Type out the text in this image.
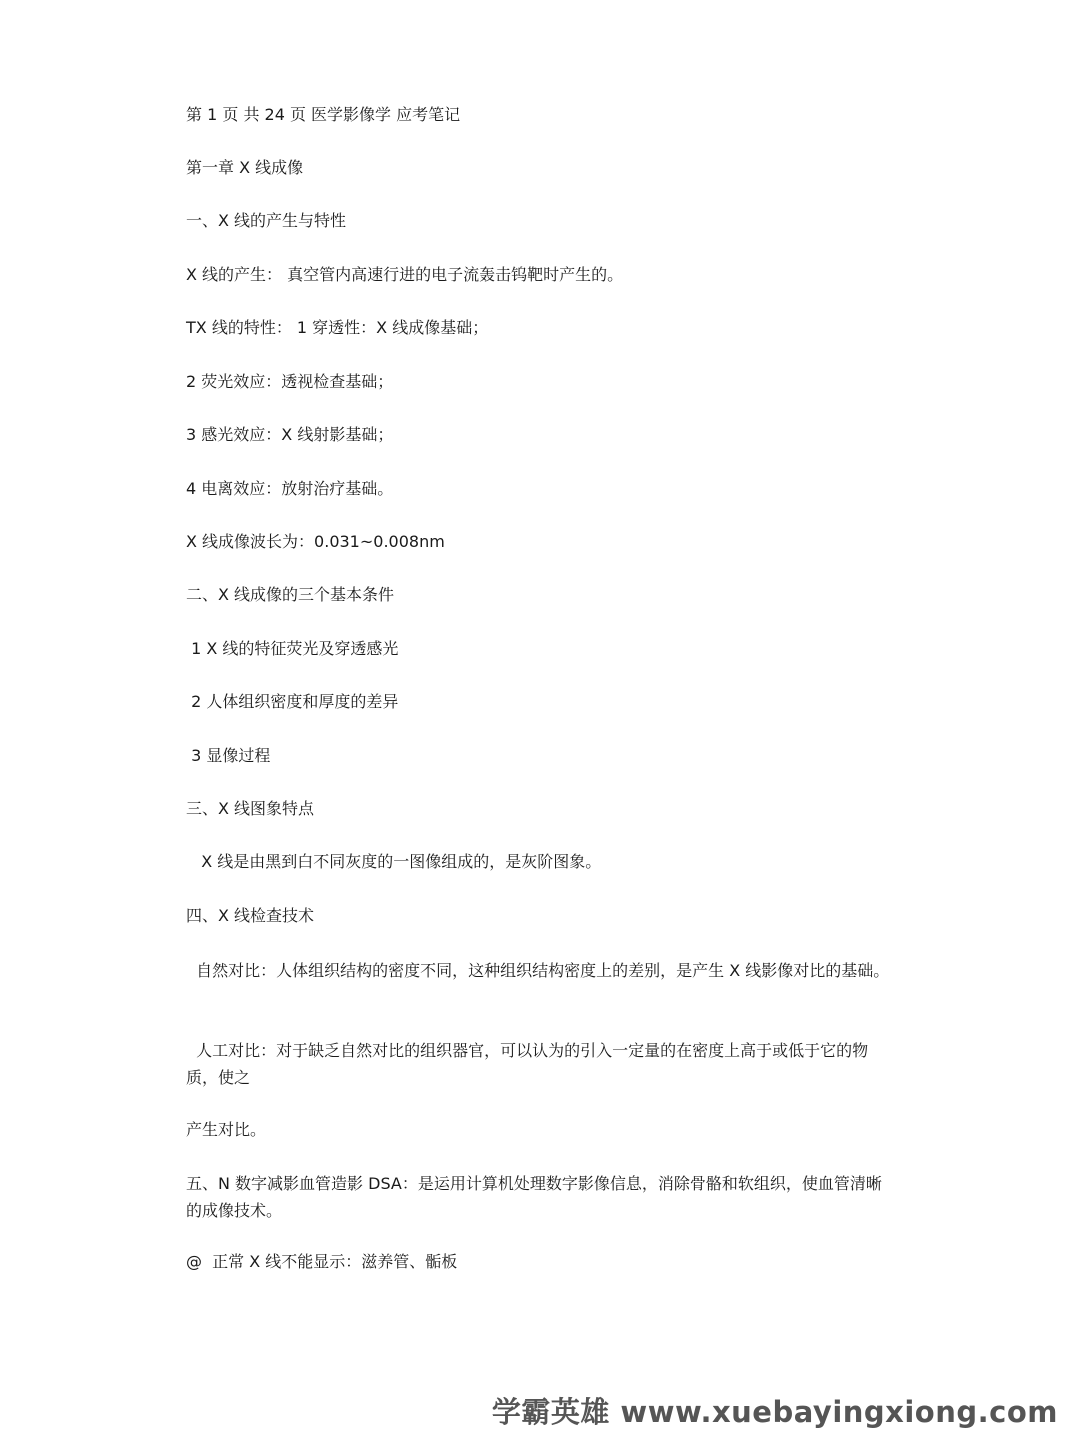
第 1 页 共 24 页 医学影像学 应考笔记
第一章 X 线成像
一、X 线的产生与特性
X 线的产生： 真空管内高速行进的电子流轰击钨靶时产生的。
TX 线的特性： 1 穿透性：X 线成像基础；
2 荧光效应：透视检查基础；
3 感光效应：X 线射影基础；
4 电离效应：放射治疗基础。
X 线成像波长为：0.031~0.008nm
二、X 线成像的三个基本条件
1 X 线的特征荧光及穿透感光
2 人体组织密度和厚度的差异
3 显像过程
三、X 线图象特点
X 线是由黑到白不同灰度的一图像组成的，是灰阶图象。
四、X 线检查技术
自然对比：人体组织结构的密度不同，这种组织结构密度上的差别，是产生 X 线影像对比的基础。
人工对比：对于缺乏自然对比的组织器官，可以认为的引入一定量的在密度上高于或低于它的物质，使之
产生对比。
五、N 数字减影血管造影 DSA：是运用计算机处理数字影像信息，消除骨骼和软组织，使血管清晰的成像技术。
@  正常 X 线不能显示：滋养管、骺板
学霸英雄 www.xuebayingxiong.com
